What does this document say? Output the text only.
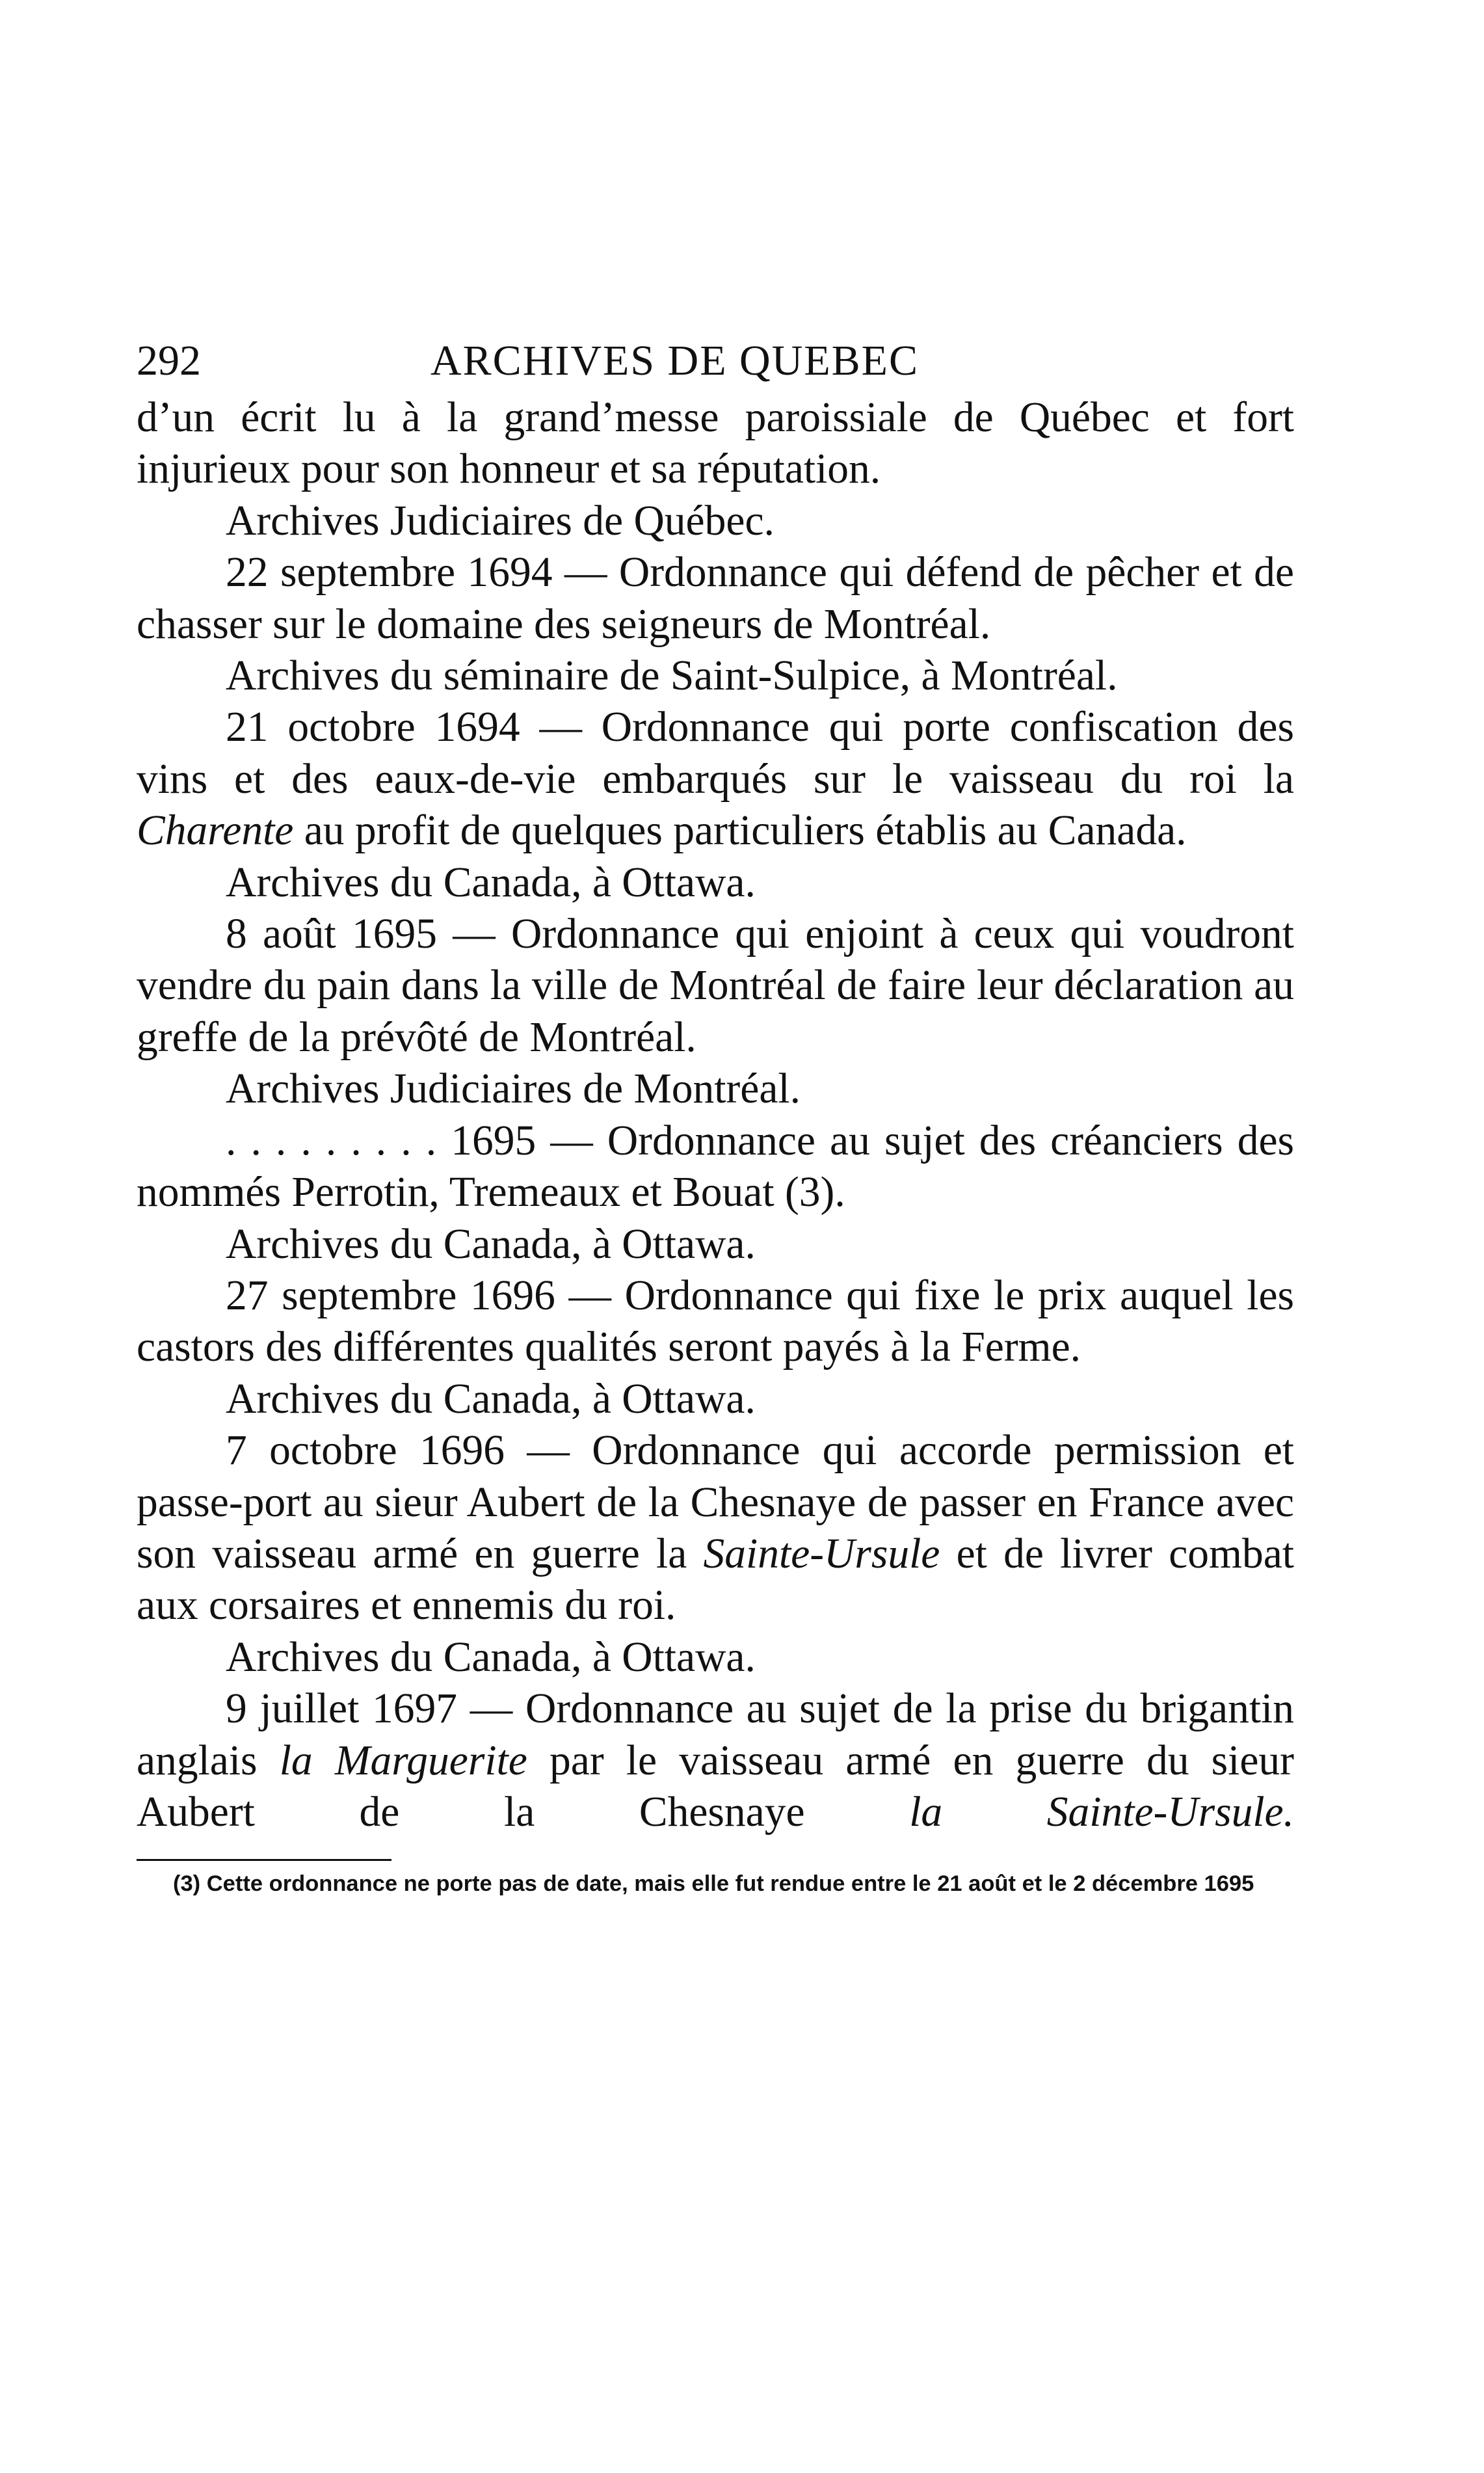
292	ARCHIVES DE QUEBEC

d’un écrit lu à la grand’messe paroissiale de Québec et fort injurieux pour son honneur et sa réputation.

Archives Judiciaires de Québec.

22 septembre 1694 — Ordonnance qui défend de pêcher et de chasser sur le domaine des seigneurs de Montréal.

Archives du séminaire de Saint-Sulpice, à Montréal.

21 octobre 1694 — Ordonnance qui porte confiscation des vins et des eaux-de-vie embarqués sur le vaisseau du roi la Charente au profit de quelques particuliers établis au Canada.

Archives du Canada, à Ottawa.

8 août 1695 — Ordonnance qui enjoint à ceux qui voudront vendre du pain dans la ville de Montréal de faire leur déclaration au greffe de la prévôté de Montréal.

Archives Judiciaires de Montréal.

. . . . . . . . . 1695 — Ordonnance au sujet des créanciers des nommés Perrotin, Tremeaux et Bouat (3).

Archives du Canada, à Ottawa.

27 septembre 1696 — Ordonnance qui fixe le prix auquel les castors des différentes qualités seront payés à la Ferme.

Archives du Canada, à Ottawa.

7 octobre 1696 — Ordonnance qui accorde permission et passe-port au sieur Aubert de la Chesnaye de passer en France avec son vaisseau armé en guerre la Sainte-Ursule et de livrer combat aux corsaires et ennemis du roi.

Archives du Canada, à Ottawa.

9 juillet 1697 — Ordonnance au sujet de la prise du brigantin anglais la Marguerite par le vaisseau armé en guerre du sieur Aubert de la Chesnaye la Sainte-Ursule.

(3) Cette ordonnance ne porte pas de date, mais elle fut rendue entre le 21 août et le 2 décembre 1695
